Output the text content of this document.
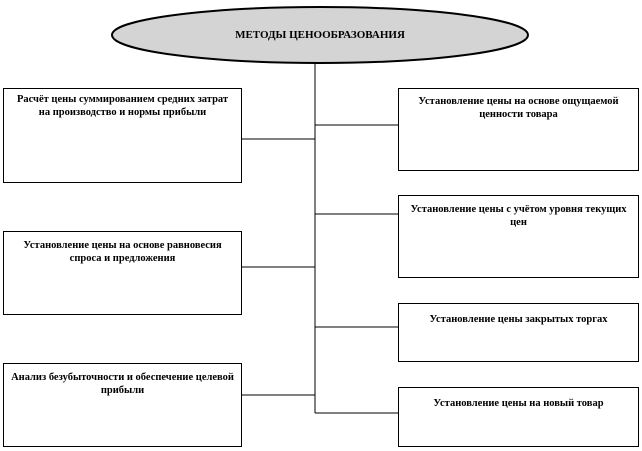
МЕТОДЫ ЦЕНООБРАЗОВАНИЯ
Расчёт цены суммированием средних затрат на производство и нормы прибыли
Установление цены на основе равновесия спроса и предложения
Анализ безубыточности и обеспечение целевой прибыли
Установление цены на основе ощущаемой ценности товара
Установление цены с учётом уровня текущих цен
Установление цены закрытых торгах
Установление цены на новый товар
